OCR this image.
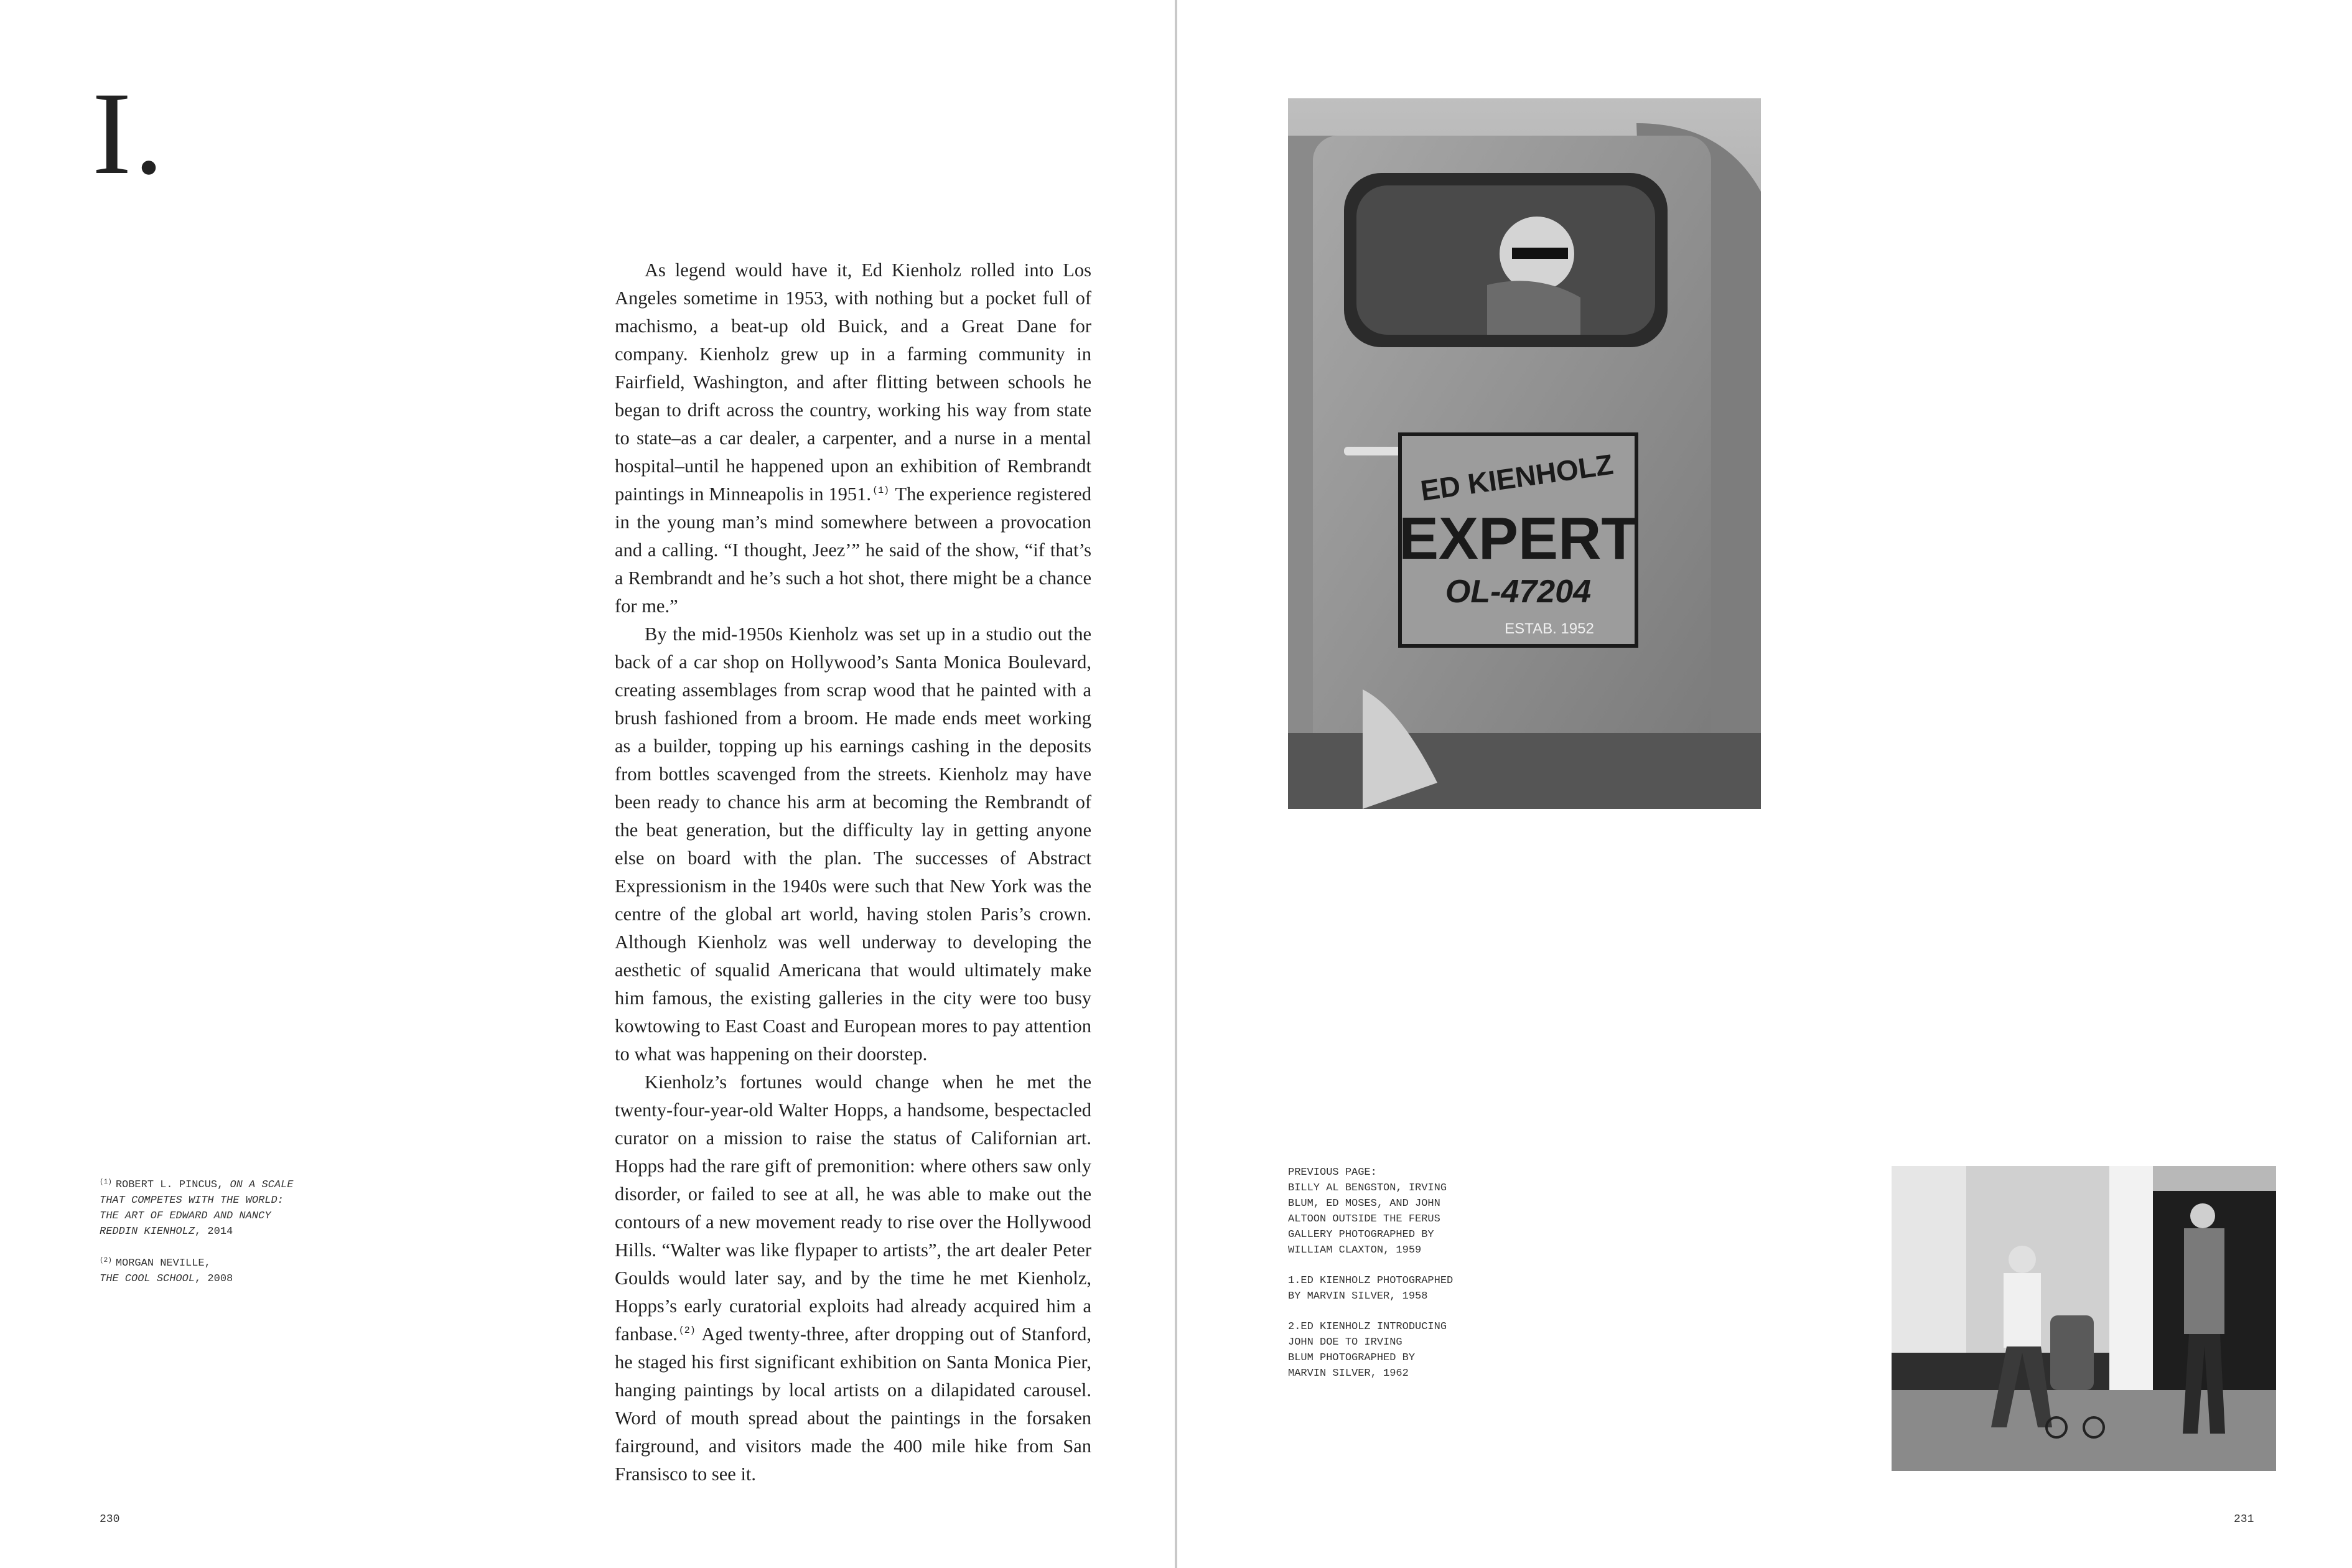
I.

As legend would have it, Ed Kienholz rolled into Los Angeles sometime in 1953, with nothing but a pocket full of machismo, a beat-up old Buick, and a Great Dane for company. Kienholz grew up in a farming community in Fairfield, Washington, and after flitting between schools he began to drift across the country, working his way from state to state–as a car dealer, a carpenter, and a nurse in a mental hospital–until he happened upon an exhibition of Rembrandt paintings in Minneapolis in 1951. $^{(1)}$ The experience registered in the young man’s mind somewhere between a provocation and a calling. “I thought, Jeez’” he said of the show, “if that’s a Rembrandt and he’s such a hot shot, there might be a chance for me.”

By the mid-1950s Kienholz was set up in a studio out the back of a car shop on Hollywood’s Santa Monica Boulevard, creating assemblages from scrap wood that he painted with a brush fashioned from a broom. He made ends meet working as a builder, topping up his earnings cashing in the deposits from bottles scavenged from the streets. Kienholz may have been ready to chance his arm at becoming the Rembrandt of the beat generation, but the difficulty lay in getting anyone else on board with the plan. The successes of Abstract Expressionism in the 1940s were such that New York was the centre of the global art world, having stolen Paris’s crown. Although Kienholz was well underway to developing the aesthetic of squalid Americana that would ultimately make him famous, the existing galleries in the city were too busy kowtowing to East Coast and European mores to pay attention to what was happening on their doorstep.

Kienholz’s fortunes would change when he met the twenty-four-year-old Walter Hopps, a handsome, bespectacled curator on a mission to raise the status of Californian art. Hopps had the rare gift of premonition: where others saw only disorder, or failed to see at all, he was able to make out the contours of a new movement ready to rise over the Hollywood Hills. “Walter was like flypaper to artists”, the art dealer Peter Goulds would later say, and by the time he met Kienholz, Hopps’s early curatorial exploits had already acquired him a fanbase. $^{(2)}$ Aged twenty-three, after dropping out of Stanford, he staged his first significant exhibition on Santa Monica Pier, hanging paintings by local artists on a dilapidated carousel. Word of mouth spread about the paintings in the forsaken fairground, and visitors made the 400 mile hike from San Fransisco to see it.

$^{(1)}$ ROBERT L. PINCUS, ON A SCALE THAT COMPETES WITH THE WORLD: THE ART OF EDWARD AND NANCY REDDIN KIENHOLZ, 2014
$^{(2)}$ MORGAN NEVILLE,
THE COOL SCHOOL, 2008
230
ED KIENHOLZ
EXPERT
OL-47204
ESTAB. 1952
PREVIOUS PAGE:
BILLY AL BENGSTON, IRVING
BLUM, ED MOSES, AND JOHN
ALTOON OUTSIDE THE FERUS
GALLERY PHOTOGRAPHED BY
WILLIAM CLAXTON, 1959
1.ED KIENHOLZ PHOTOGRAPHED
BY MARVIN SILVER, 1958
2.ED KIENHOLZ INTRODUCING
JOHN DOE TO IRVING
BLUM PHOTOGRAPHED BY
MARVIN SILVER, 1962
231
